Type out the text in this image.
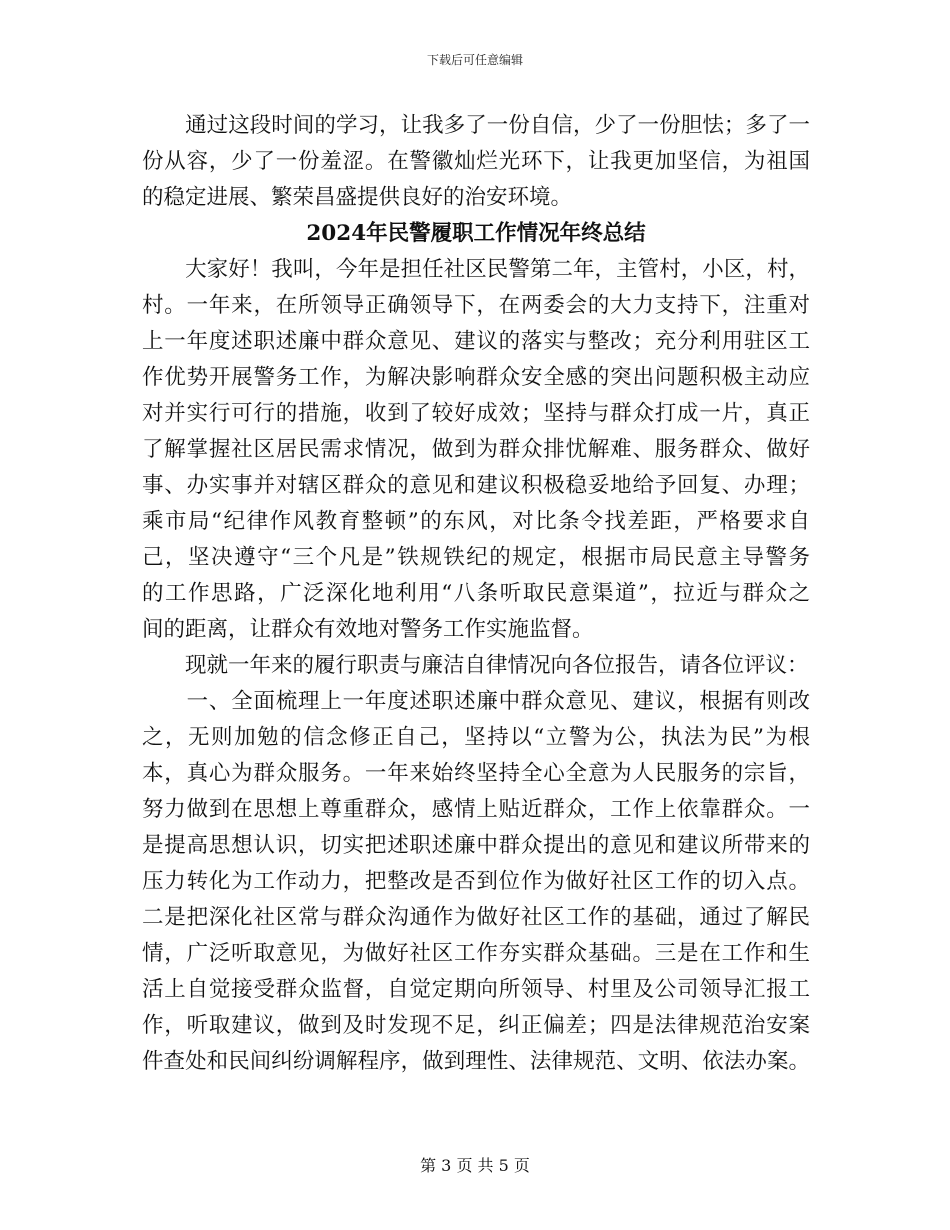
下载后可任意编辑
　　通过这段时间的学习，让我多了一份自信，少了一份胆怯；多了一
份从容，少了一份羞涩。在警徽灿烂光环下，让我更加坚信，为祖国
的稳定进展、繁荣昌盛提供良好的治安环境。
2024年民警履职工作情况年终总结
　　大家好！我叫，今年是担任社区民警第二年，主管村，小区，村，
村。一年来，在所领导正确领导下，在两委会的大力支持下，注重对
上一年度述职述廉中群众意见、建议的落实与整改；充分利用驻区工
作优势开展警务工作，为解决影响群众安全感的突出问题积极主动应
对并实行可行的措施，收到了较好成效；坚持与群众打成一片，真正
了解掌握社区居民需求情况，做到为群众排忧解难、服务群众、做好
事、办实事并对辖区群众的意见和建议积极稳妥地给予回复、办理；
乘市局“纪律作风教育整顿”的东风，对比条令找差距，严格要求自
己，坚决遵守“三个凡是”铁规铁纪的规定，根据市局民意主导警务
的工作思路，广泛深化地利用“八条听取民意渠道”，拉近与群众之
间的距离，让群众有效地对警务工作实施监督。
　　现就一年来的履行职责与廉洁自律情况向各位报告，请各位评议：
　　一、全面梳理上一年度述职述廉中群众意见、建议，根据有则改
之，无则加勉的信念修正自己，坚持以“立警为公，执法为民”为根
本，真心为群众服务。一年来始终坚持全心全意为人民服务的宗旨，
努力做到在思想上尊重群众，感情上贴近群众，工作上依靠群众。一
是提高思想认识，切实把述职述廉中群众提出的意见和建议所带来的
压力转化为工作动力，把整改是否到位作为做好社区工作的切入点。
二是把深化社区常与群众沟通作为做好社区工作的基础，通过了解民
情，广泛听取意见，为做好社区工作夯实群众基础。三是在工作和生
活上自觉接受群众监督，自觉定期向所领导、村里及公司领导汇报工
作，听取建议，做到及时发现不足，纠正偏差；四是法律规范治安案
件查处和民间纠纷调解程序，做到理性、法律规范、文明、依法办案。
第 3 页 共 5 页
